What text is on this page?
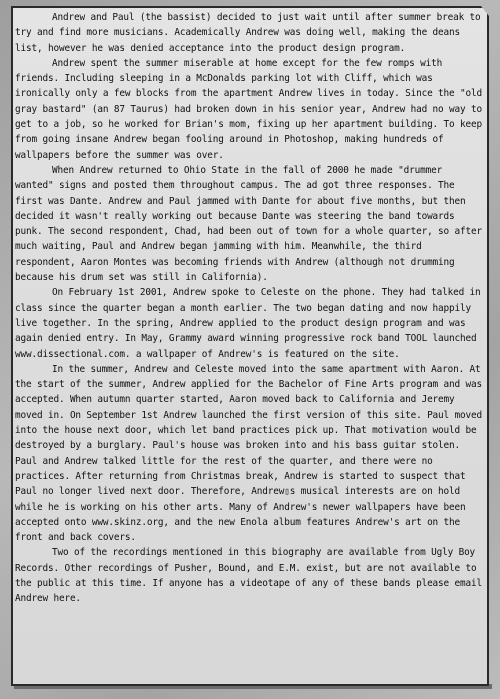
Andrew and Paul (the bassist) decided to just wait until after summer break to try and find more musicians. Academically Andrew was doing well, making the deans list, however he was denied acceptance into the product design program.

Andrew spent the summer miserable at home except for the few romps with friends. Including sleeping in a McDonalds parking lot with Cliff, which was ironically only a few blocks from the apartment Andrew lives in today. Since the "old gray bastard" (an 87 Taurus) had broken down in his senior year, Andrew had no way to get to a job, so he worked for Brian's mom, fixing up her apartment building. To keep from going insane Andrew began fooling around in Photoshop, making hundreds of wallpapers before the summer was over.

When Andrew returned to Ohio State in the fall of 2000 he made "drummer wanted" signs and posted them throughout campus. The ad got three responses. The first was Dante. Andrew and Paul jammed with Dante for about five months, but then decided it wasn't really working out because Dante was steering the band towards punk. The second respondent, Chad, had been out of town for a whole quarter, so after much waiting, Paul and Andrew began jamming with him. Meanwhile, the third respondent, Aaron Montes was becoming friends with Andrew (although not drumming because his drum set was still in California).

On February 1st 2001, Andrew spoke to Celeste on the phone. They had talked in class since the quarter began a month earlier. The two began dating and now happily live together. In the spring, Andrew applied to the product design program and was again denied entry. In May, Grammy award winning progressive rock band TOOL launched www.dissectional.com. a wallpaper of Andrew's is featured on the site.

In the summer, Andrew and Celeste moved into the same apartment with Aaron. At the start of the summer, Andrew applied for the Bachelor of Fine Arts program and was accepted. When autumn quarter started, Aaron moved back to California and Jeremy moved in. On September 1st Andrew launched the first version of this site. Paul moved into the house next door, which let band practices pick up. That motivation would be destroyed by a burglary. Paul's house was broken into and his bass guitar stolen. Paul and Andrew talked little for the rest of the quarter, and there were no practices. After returning from Christmas break, Andrew is started to suspect that Paul no longer lived next door. Therefore, Andrew▯s musical interests are on hold while he is working on his other arts. Many of Andrew's newer wallpapers have been accepted onto www.skinz.org, and the new Enola album features Andrew's art on the front and back covers.

Two of the recordings mentioned in this biography are available from Ugly Boy Records. Other recordings of Pusher, Bound, and E.M. exist, but are not available to the public at this time. If anyone has a videotape of any of these bands please email Andrew here.
